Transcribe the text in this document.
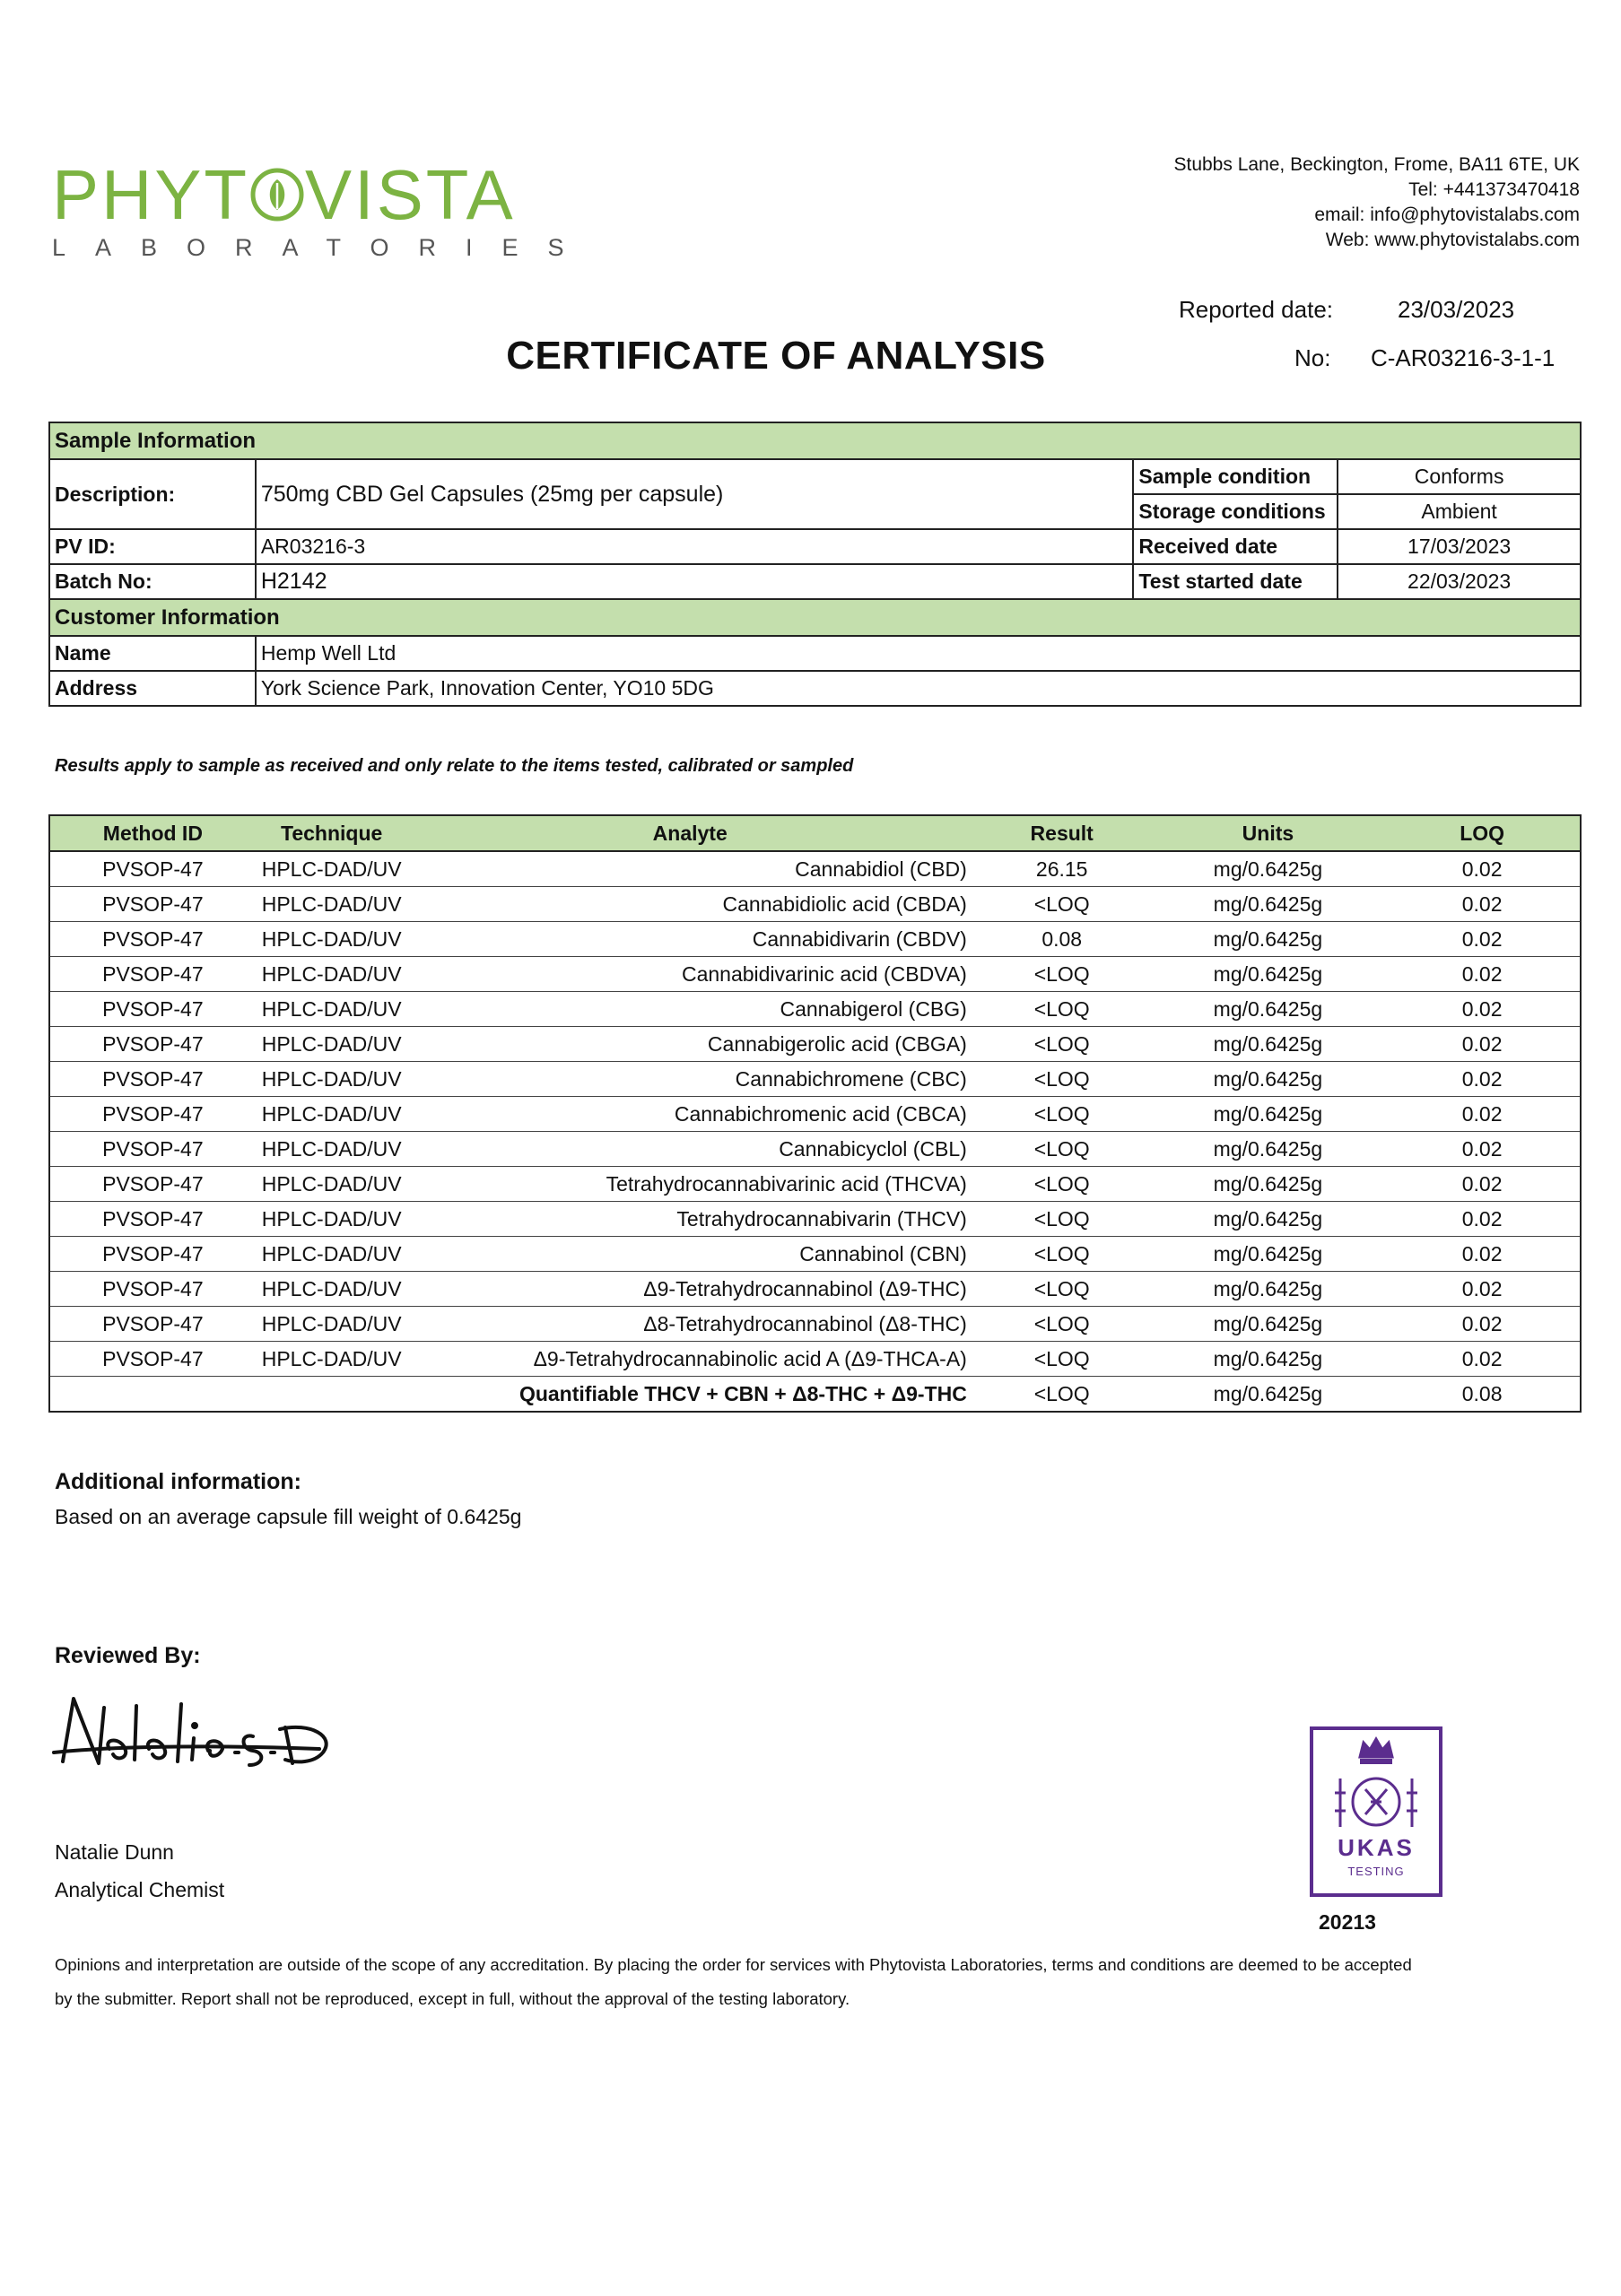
PHYT VISTA
LABORATORIES
Stubbs Lane, Beckington, Frome, BA11 6TE, UK
Tel: +441373470418
email: info@phytovistalabs.com
Web: www.phytovistalabs.com
Reported date:	23/03/2023
No: C-AR03216-3-1-1
CERTIFICATE OF ANALYSIS
Sample Information			
Description:	750mg CBD Gel Capsules (25mg per capsule)	Sample condition	Conforms
		Storage conditions	Ambient
PV ID:	AR03216-3	Received date	17/03/2023
Batch No:	H2142	Test started date	22/03/2023
Customer Information			
Name	Hemp Well Ltd		
Address	York Science Park, Innovation Center, YO10 5DG		
Results apply to sample as received and only relate to the items tested, calibrated or sampled
Method ID	Technique	Analyte	Result	Units	LOQ
PVSOP-47	HPLC-DAD/UV	Cannabidiol (CBD)	26.15	mg/0.6425g	0.02
PVSOP-47	HPLC-DAD/UV	Cannabidiolic acid (CBDA)	<LOQ	mg/0.6425g	0.02
PVSOP-47	HPLC-DAD/UV	Cannabidivarin (CBDV)	0.08	mg/0.6425g	0.02
PVSOP-47	HPLC-DAD/UV	Cannabidivarinic acid (CBDVA)	<LOQ	mg/0.6425g	0.02
PVSOP-47	HPLC-DAD/UV	Cannabigerol (CBG)	<LOQ	mg/0.6425g	0.02
PVSOP-47	HPLC-DAD/UV	Cannabigerolic acid (CBGA)	<LOQ	mg/0.6425g	0.02
PVSOP-47	HPLC-DAD/UV	Cannabichromene (CBC)	<LOQ	mg/0.6425g	0.02
PVSOP-47	HPLC-DAD/UV	Cannabichromenic acid (CBCA)	<LOQ	mg/0.6425g	0.02
PVSOP-47	HPLC-DAD/UV	Cannabicyclol (CBL)	<LOQ	mg/0.6425g	0.02
PVSOP-47	HPLC-DAD/UV	Tetrahydrocannabivarinic acid (THCVA)	<LOQ	mg/0.6425g	0.02
PVSOP-47	HPLC-DAD/UV	Tetrahydrocannabivarin (THCV)	<LOQ	mg/0.6425g	0.02
PVSOP-47	HPLC-DAD/UV	Cannabinol (CBN)	<LOQ	mg/0.6425g	0.02
PVSOP-47	HPLC-DAD/UV	Δ9-Tetrahydrocannabinol (Δ9-THC)	<LOQ	mg/0.6425g	0.02
PVSOP-47	HPLC-DAD/UV	Δ8-Tetrahydrocannabinol (Δ8-THC)	<LOQ	mg/0.6425g	0.02
PVSOP-47	HPLC-DAD/UV	Δ9-Tetrahydrocannabinolic acid A (Δ9-THCA-A)	<LOQ	mg/0.6425g	0.02
		Quantifiable THCV + CBN + Δ8-THC + Δ9-THC	<LOQ	mg/0.6425g	0.08
Additional information:
Based on an average capsule fill weight of 0.6425g
Reviewed By:
Natalie Dunn
Analytical Chemist
UKAS
TESTING
20213
Opinions and interpretation are outside of the scope of any accreditation. By placing the order for services with Phytovista Laboratories, terms and conditions are deemed to be accepted
by the submitter. Report shall not be reproduced, except in full, without the approval of the testing laboratory.
